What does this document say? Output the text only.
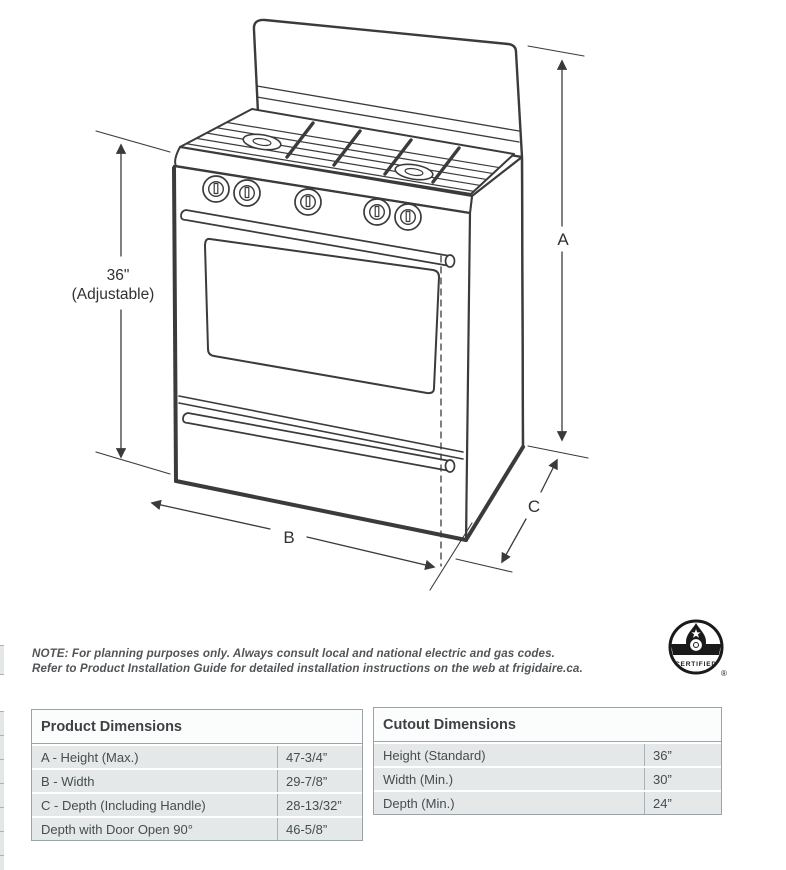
A
B
C
36"
(Adjustable)
NOTE: For planning purposes only. Always consult local and national electric and gas codes.
Refer to Product Installation Guide for detailed installation instructions on the web at frigidaire.ca.	CERTIFIED
®
Product Dimensions
A - Height (Max.)	47-3/4”
B - Width	29-7/8”
C - Depth (Including Handle)	28-13/32”
Depth with Door Open 90°	46-5/8”
Cutout Dimensions
Height (Standard)	36”
Width (Min.)	30”
Depth (Min.)	24”
